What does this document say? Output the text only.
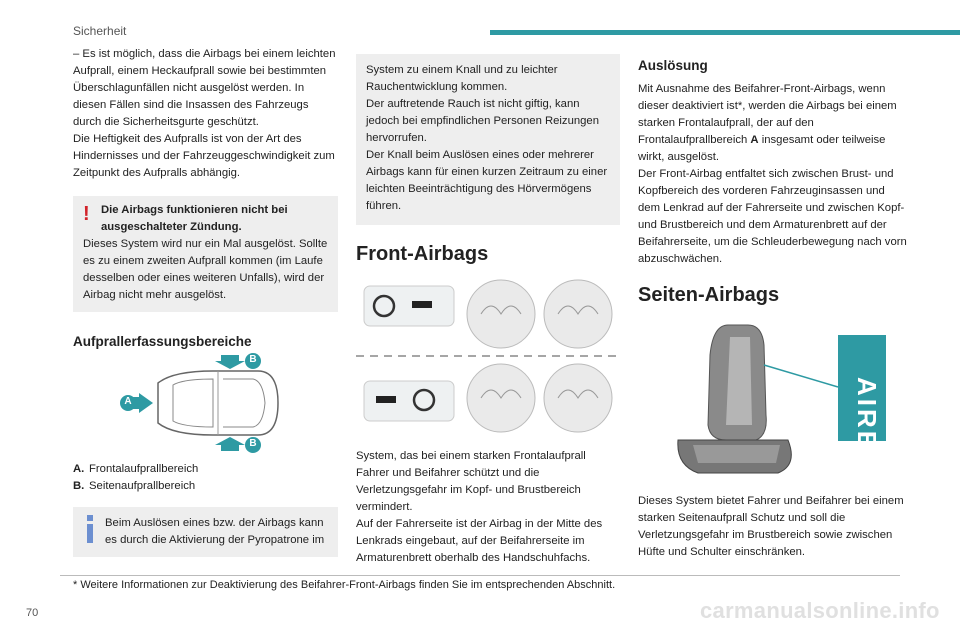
Sicherheit

– Es ist möglich, dass die Airbags bei einem leichten Aufprall, einem Heckaufprall sowie bei bestimmten Überschlagunfällen nicht ausgelöst werden. In diesen Fällen sind die Insassen des Fahrzeugs durch die Sicherheitsgurte geschützt.

Die Heftigkeit des Aufpralls ist von der Art des Hindernisses und der Fahrzeuggeschwindigkeit zum Zeitpunkt des Aufpralls abhängig.

! Die Airbags funktionieren nicht bei ausgeschalteter Zündung.
Dieses System wird nur ein Mal ausgelöst. Sollte es zu einem zweiten Aufprall kommen (im Laufe desselben oder eines weiteren Unfalls), wird der Airbag nicht mehr ausgelöst.
Aufprallerfassungsbereiche
A
B
B
A. Frontalaufprallbereich
B. Seitenaufprallbereich

Beim Auslösen eines bzw. der Airbags kann es durch die Aktivierung der Pyropatrone im

System zu einem Knall und zu leichter Rauchentwicklung kommen.

Der auftretende Rauch ist nicht giftig, kann jedoch bei empfindlichen Personen Reizungen hervorrufen.

Der Knall beim Auslösen eines oder mehrerer Airbags kann für einen kurzen Zeitraum zu einer leichten Beeinträchtigung des Hörvermögens führen.

Front-Airbags

System, das bei einem starken Frontalaufprall Fahrer und Beifahrer schützt und die Verletzungsgefahr im Kopf- und Brustbereich vermindert.

Auf der Fahrerseite ist der Airbag in der Mitte des Lenkrads eingebaut, auf der Beifahrerseite im Armaturenbrett oberhalb des Handschuhfachs.

Auslösung

Mit Ausnahme des Beifahrer-Front-Airbags, wenn dieser deaktiviert ist*, werden die Airbags bei einem starken Frontalaufprall, der auf den Frontalaufprallbereich A insgesamt oder teilweise wirkt, ausgelöst.

Der Front-Airbag entfaltet sich zwischen Brust- und Kopfbereich des vorderen Fahrzeuginsassen und dem Lenkrad auf der Fahrerseite und zwischen Kopf- und Brustbereich und dem Armaturenbrett auf der Beifahrerseite, um die Schleuderbewegung nach vorn abzuschwächen.

Seiten-Airbags
AIRBAG

Dieses System bietet Fahrer und Beifahrer bei einem starken Seitenaufprall Schutz und soll die Verletzungsgefahr im Brustbereich sowie zwischen Hüfte und Schulter einschränken.

* Weitere Informationen zur Deaktivierung des Beifahrer-Front-Airbags finden Sie im entsprechenden Abschnitt.
70	carmanualsonline.info
